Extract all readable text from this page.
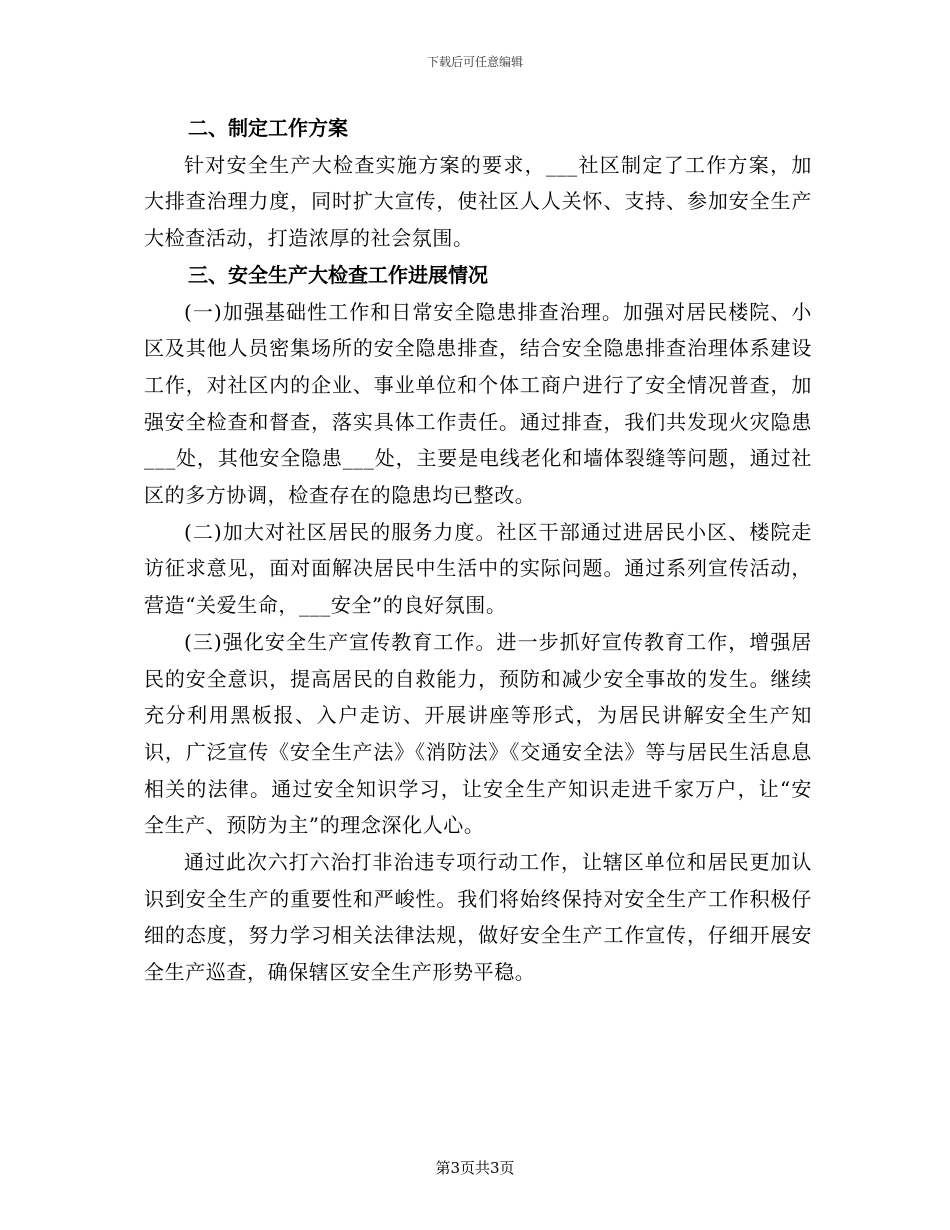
下载后可任意编辑
二、制定工作方案

针对安全生产大检查实施方案的要求，___社区制定了工作方案，加大排查治理力度，同时扩大宣传，使社区人人关怀、支持、参加安全生产大检查活动，打造浓厚的社会氛围。

三、安全生产大检查工作进展情况

(一)加强基础性工作和日常安全隐患排查治理。加强对居民楼院、小区及其他人员密集场所的安全隐患排查，结合安全隐患排查治理体系建设工作，对社区内的企业、事业单位和个体工商户进行了安全情况普查，加强安全检查和督查，落实具体工作责任。通过排查，我们共发现火灾隐患___处，其他安全隐患___处，主要是电线老化和墙体裂缝等问题，通过社区的多方协调，检查存在的隐患均已整改。

(二)加大对社区居民的服务力度。社区干部通过进居民小区、楼院走访征求意见，面对面解决居民中生活中的实际问题。通过系列宣传活动，营造“关爱生命，___安全”的良好氛围。

(三)强化安全生产宣传教育工作。进一步抓好宣传教育工作，增强居民的安全意识，提高居民的自救能力，预防和减少安全事故的发生。继续充分利用黑板报、入户走访、开展讲座等形式，为居民讲解安全生产知识，广泛宣传《安全生产法》《消防法》《交通安全法》等与居民生活息息相关的法律。通过安全知识学习，让安全生产知识走进千家万户，让“安全生产、预防为主”的理念深化人心。

通过此次六打六治打非治违专项行动工作，让辖区单位和居民更加认识到安全生产的重要性和严峻性。我们将始终保持对安全生产工作积极仔细的态度，努力学习相关法律法规，做好安全生产工作宣传，仔细开展安全生产巡查，确保辖区安全生产形势平稳。

第3页共3页
